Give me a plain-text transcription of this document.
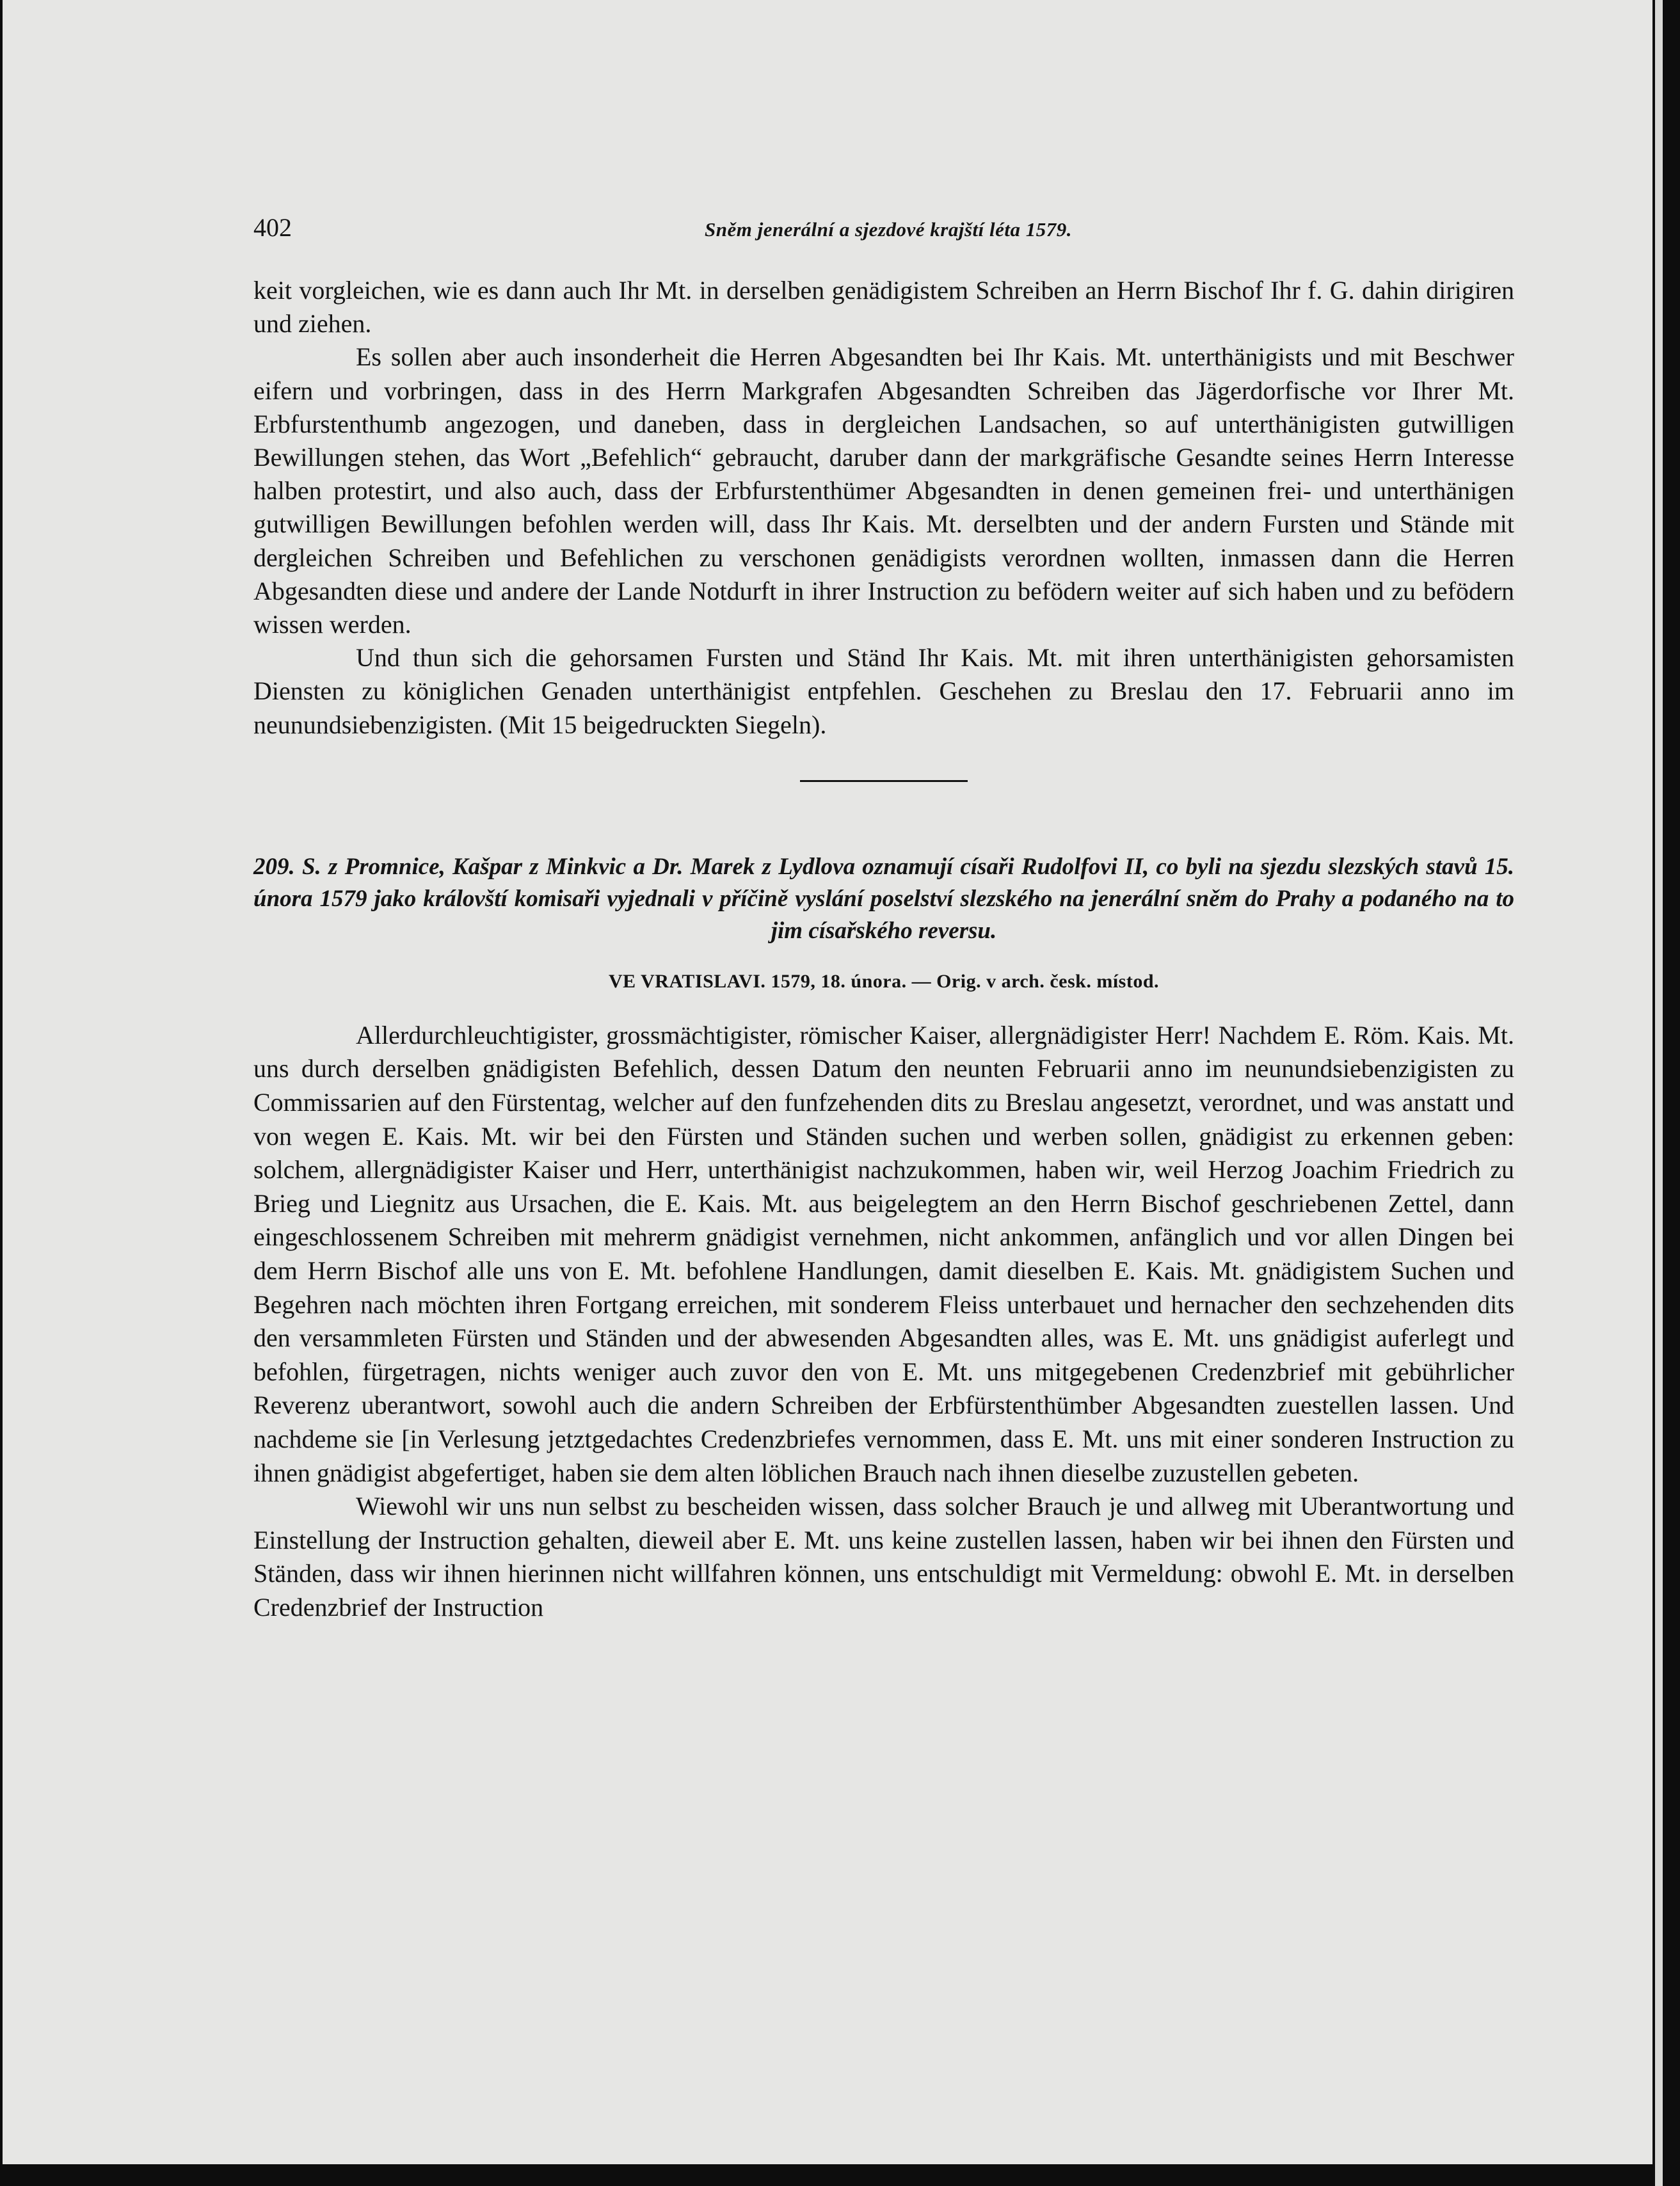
402	Sněm jenerální a sjezdové krajští léta 1579.

keit vorgleichen, wie es dann auch Ihr Mt. in derselben genädigistem Schreiben an Herrn Bischof Ihr f. G. dahin dirigiren und ziehen.

Es sollen aber auch insonderheit die Herren Abgesandten bei Ihr Kais. Mt. unterthänigists und mit Beschwer eifern und vorbringen, dass in des Herrn Markgrafen Abgesandten Schreiben das Jägerdorfische vor Ihrer Mt. Erbfurstenthumb angezogen, und daneben, dass in dergleichen Landsachen, so auf unterthänigisten gutwilligen Bewillungen stehen, das Wort „Befehlich“ gebraucht, daruber dann der markgräfische Gesandte seines Herrn Interesse halben protestirt, und also auch, dass der Erbfurstenthümer Abgesandten in denen gemeinen frei- und unterthänigen gutwilligen Bewillungen befohlen werden will, dass Ihr Kais. Mt. derselbten und der andern Fursten und Stände mit dergleichen Schreiben und Befehlichen zu verschonen genädigists verordnen wollten, inmassen dann die Herren Abgesandten diese und andere der Lande Notdurft in ihrer Instruction zu befödern weiter auf sich haben und zu befödern wissen werden.

Und thun sich die gehorsamen Fursten und Ständ Ihr Kais. Mt. mit ihren unterthänigisten gehorsamisten Diensten zu königlichen Genaden unterthänigist entpfehlen. Geschehen zu Breslau den 17. Februarii anno im neunundsiebenzigisten. (Mit 15 beigedruckten Siegeln).

209. S. z Promnice, Kašpar z Minkvic a Dr. Marek z Lydlova oznamují císaři Rudolfovi II, co byli na sjezdu slezských stavů 15. února 1579 jako královští komisaři vyjednali v příčině vyslání poselství slezského na jenerální sněm do Prahy a podaného na to jim císařského reversu.

VE VRATISLAVI. 1579, 18. února. — Orig. v arch. česk. místod.

Allerdurchleuchtigister, grossmächtigister, römischer Kaiser, allergnädigister Herr! Nachdem E. Röm. Kais. Mt. uns durch derselben gnädigisten Befehlich, dessen Datum den neunten Februarii anno im neunundsiebenzigisten zu Commissarien auf den Fürstentag, welcher auf den funfzehenden dits zu Breslau angesetzt, verordnet, und was anstatt und von wegen E. Kais. Mt. wir bei den Fürsten und Ständen suchen und werben sollen, gnädigist zu erkennen geben: solchem, allergnädigister Kaiser und Herr, unterthänigist nachzukommen, haben wir, weil Herzog Joachim Friedrich zu Brieg und Liegnitz aus Ursachen, die E. Kais. Mt. aus beigelegtem an den Herrn Bischof geschriebenen Zettel, dann eingeschlossenem Schreiben mit mehrerm gnädigist vernehmen, nicht ankommen, anfänglich und vor allen Dingen bei dem Herrn Bischof alle uns von E. Mt. befohlene Handlungen, damit dieselben E. Kais. Mt. gnädigistem Suchen und Begehren nach möchten ihren Fortgang erreichen, mit sonderem Fleiss unterbauet und hernacher den sechzehenden dits den versammleten Fürsten und Ständen und der abwesenden Abgesandten alles, was E. Mt. uns gnädigist auferlegt und befohlen, fürgetragen, nichts weniger auch zuvor den von E. Mt. uns mitgegebenen Credenzbrief mit gebührlicher Reverenz uberantwort, sowohl auch die andern Schreiben der Erbfürstenthümber Abgesandten zuestellen lassen. Und nachdeme sie [in Verlesung jetztgedachtes Credenzbriefes vernommen, dass E. Mt. uns mit einer sonderen Instruction zu ihnen gnädigist abgefertiget, haben sie dem alten löblichen Brauch nach ihnen dieselbe zuzustellen gebeten.

Wiewohl wir uns nun selbst zu bescheiden wissen, dass solcher Brauch je und allweg mit Uberantwortung und Einstellung der Instruction gehalten, dieweil aber E. Mt. uns keine zustellen lassen, haben wir bei ihnen den Fürsten und Ständen, dass wir ihnen hierinnen nicht willfahren können, uns entschuldigt mit Vermeldung: obwohl E. Mt. in derselben Credenzbrief der Instruction
